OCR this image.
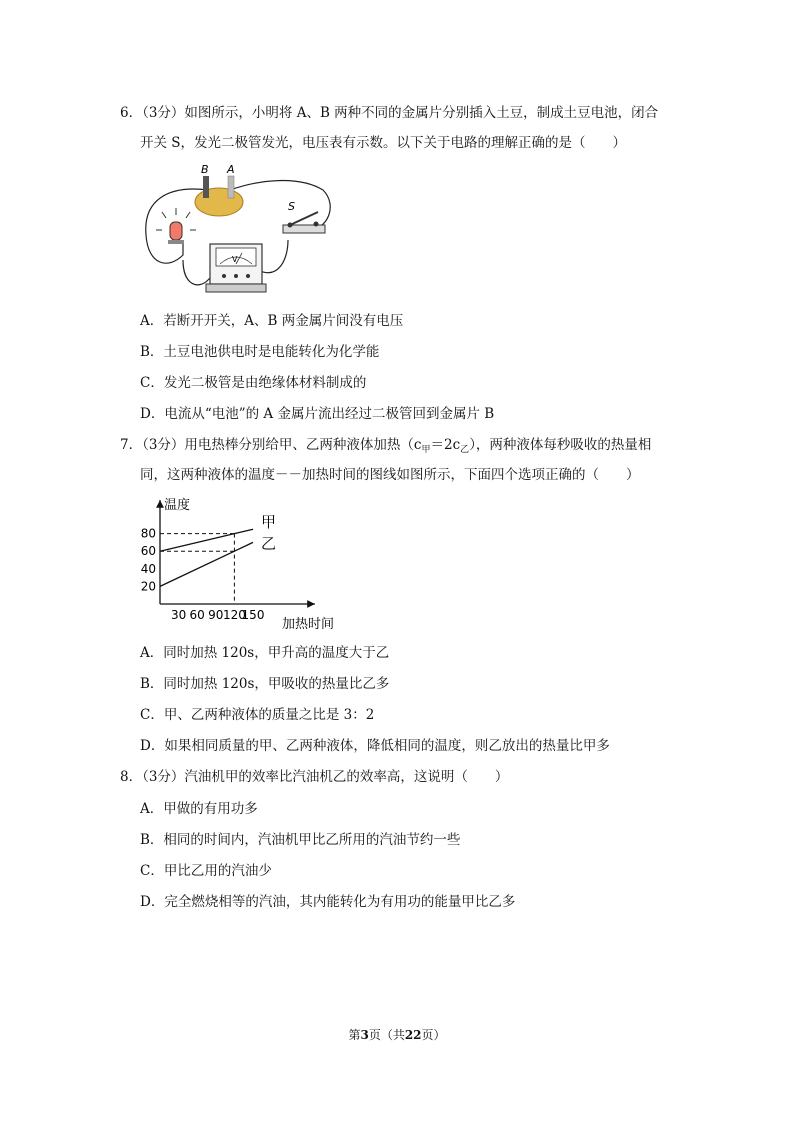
6．（3分）如图所示，小明将 A、B 两种不同的金属片分别插入土豆，制成土豆电池，闭合
开关 S，发光二极管发光，电压表有示数。以下关于电路的理解正确的是（　　）
B A
S
V
A．若断开开关，A、B 两金属片间没有电压
B．土豆电池供电时是电能转化为化学能
C．发光二极管是由绝缘体材料制成的
D．电流从“电池”的 A 金属片流出经过二极管回到金属片 B
7．（3分）用电热棒分别给甲、乙两种液体加热$(c_甲=2c_乙)$，两种液体每秒吸收的热量相
同，这两种液体的温度－－加热时间的图线如图所示，下面四个选项正确的（　　）
温度
加热时间
30 60 90 120
150
20
40
60
80
甲
乙
A．同时加热 120s，甲升高的温度大于乙
B．同时加热 120s，甲吸收的热量比乙多
C．甲、乙两种液体的质量之比是 3：2
D．如果相同质量的甲、乙两种液体，降低相同的温度，则乙放出的热量比甲多
8．（3分）汽油机甲的效率比汽油机乙的效率高，这说明（　　）
A．甲做的有用功多
B．相同的时间内，汽油机甲比乙所用的汽油节约一些
C．甲比乙用的汽油少
D．完全燃烧相等的汽油，其内能转化为有用功的能量甲比乙多
第3页（共22页）
